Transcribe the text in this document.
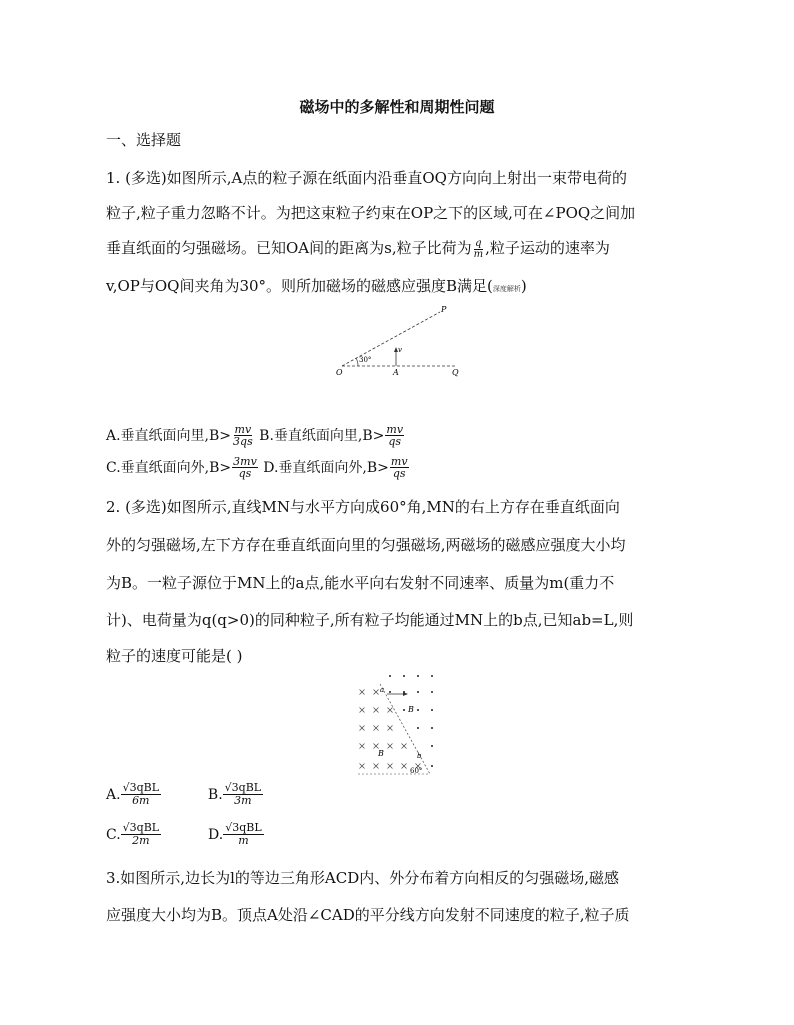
磁场中的多解性和周期性问题
一、选择题
1. (多选)如图所示,A点的粒子源在纸面内沿垂直OQ方向向上射出一束带电荷的
粒子,粒子重力忽略不计。为把这束粒子约束在OP之下的区域,可在∠POQ之间加
垂直纸面的匀强磁场。已知OA间的距离为s,粒子比荷为 $\frac{q}{m}$ ,粒子运动的速率为
v,OP与OQ间夹角为30°。则所加磁场的磁感应强度B满足(深度解析)
P
O	A	Q
v
30°
A.垂直纸面向里$,B> \frac{mv}{3qs} B$.垂直纸面向里$,B> \frac{mv}{qs}$
C.垂直纸面向外$,B> \frac{3mv}{qs} D$.垂直纸面向外$,B> \frac{mv}{qs}$
2. (多选)如图所示,直线MN与水平方向成60°角,MN的右上方存在垂直纸面向
外的匀强磁场,左下方存在垂直纸面向里的匀强磁场,两磁场的磁感应强度大小均
为B。一粒子源位于MN上的a点,能水平向右发射不同速率、质量为m(重力不
计)、电荷量为q(q>0)的同种粒子,所有粒子均能通过MN上的b点,已知ab=L,则
粒子的速度可能是( )
a
b
B
B
60°
A. $\frac{\text{√3qBL}}{6m}$	B. $\frac{\text{√3qBL}}{3m}$
C. $\frac{\text{√3qBL}}{2m}$	D. $\frac{\text{√3qBL}}{m}$
3.如图所示,边长为l的等边三角形ACD内、外分布着方向相反的匀强磁场,磁感
应强度大小均为B。顶点A处沿∠CAD的平分线方向发射不同速度的粒子,粒子质
